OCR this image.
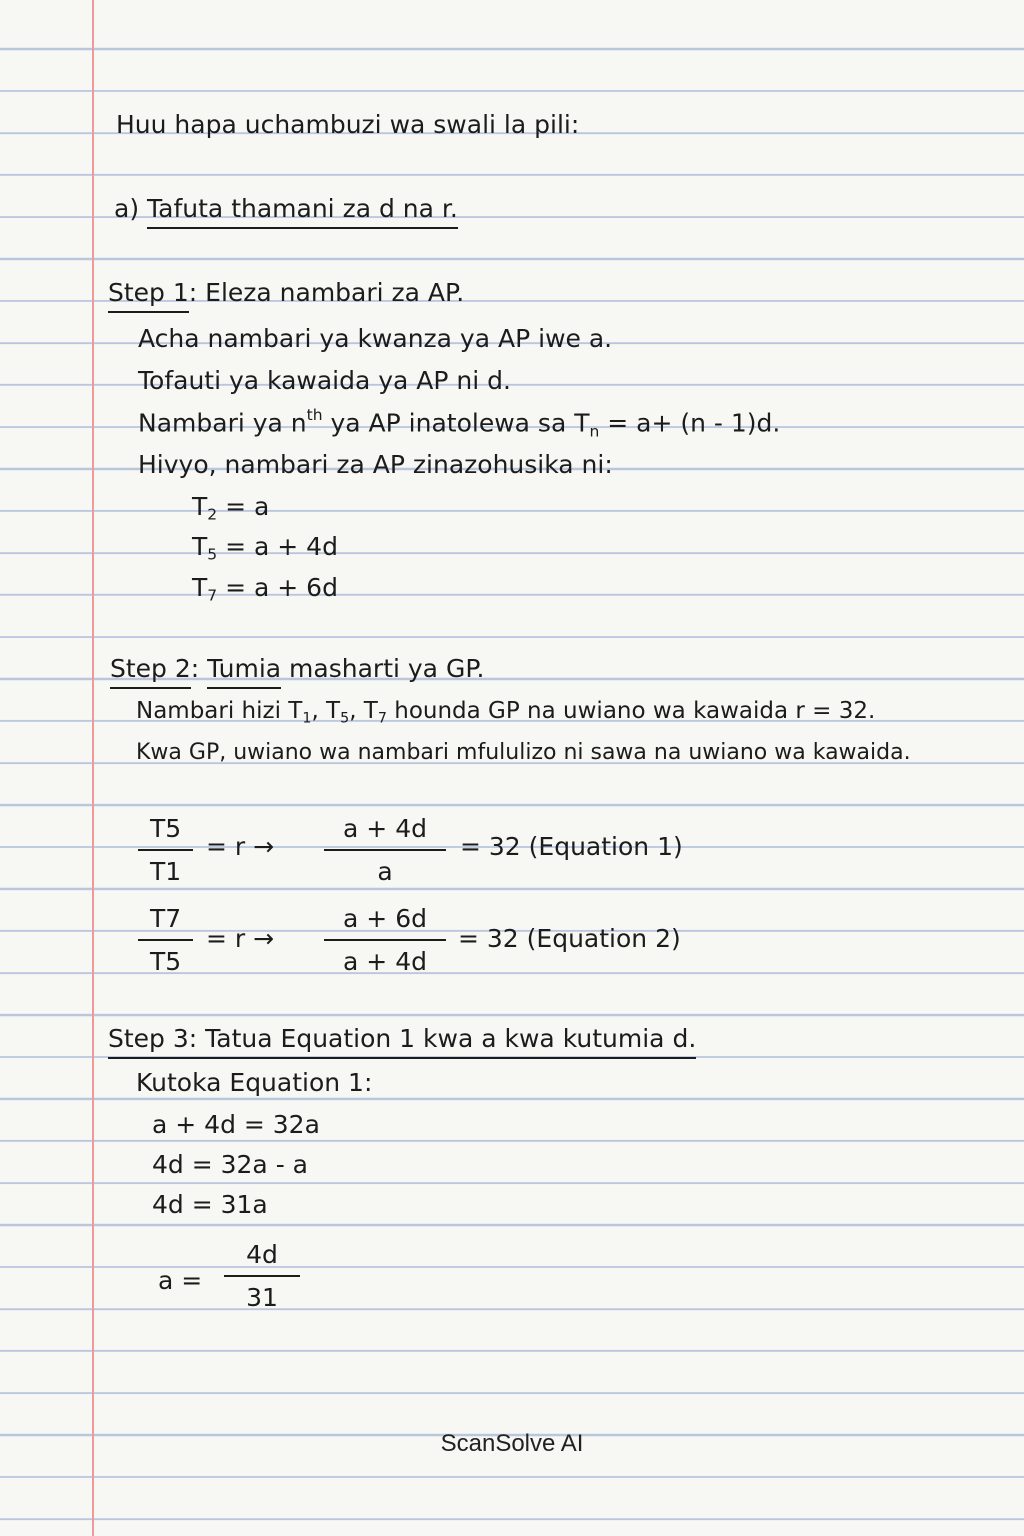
Huu hapa uchambuzi wa swali la pili:
a) Tafuta thamani za d na r.
Step 1: Eleza nambari za AP.
Acha nambari ya kwanza ya AP iwe a.
Tofauti ya kawaida ya AP ni d.
Nambari ya $n^{th}$ ya AP inatolewa sa $T_n = a+ (n - 1)d$.
Hivyo, nambari za AP zinazohusika ni:
$T_2 = a$
$T_5 = a + 4d$
$T_7 = a + 6d$
Step 2: Tumia masharti ya GP.
Nambari hizi $T_1$, $T_5$, $T_7$ hounda GP na uwiano wa kawaida r = 32.
Kwa GP, uwiano wa nambari mfululizo ni sawa na uwiano wa kawaida.
$\frac{T5}{T1} = r \to \frac{a + 4d}{a} = 32$ (Equation 1)
$\frac{T7}{T5} = r \to \frac{a + 6d}{a + 4d} = 32$ (Equation 2)
Step 3: Tatua Equation 1 kwa a kwa kutumia d.
Kutoka Equation 1:
a + 4d = 32a
4d = 32a - a
4d = 31a
$a = \frac{4d}{31}$
ScanSolve AI
